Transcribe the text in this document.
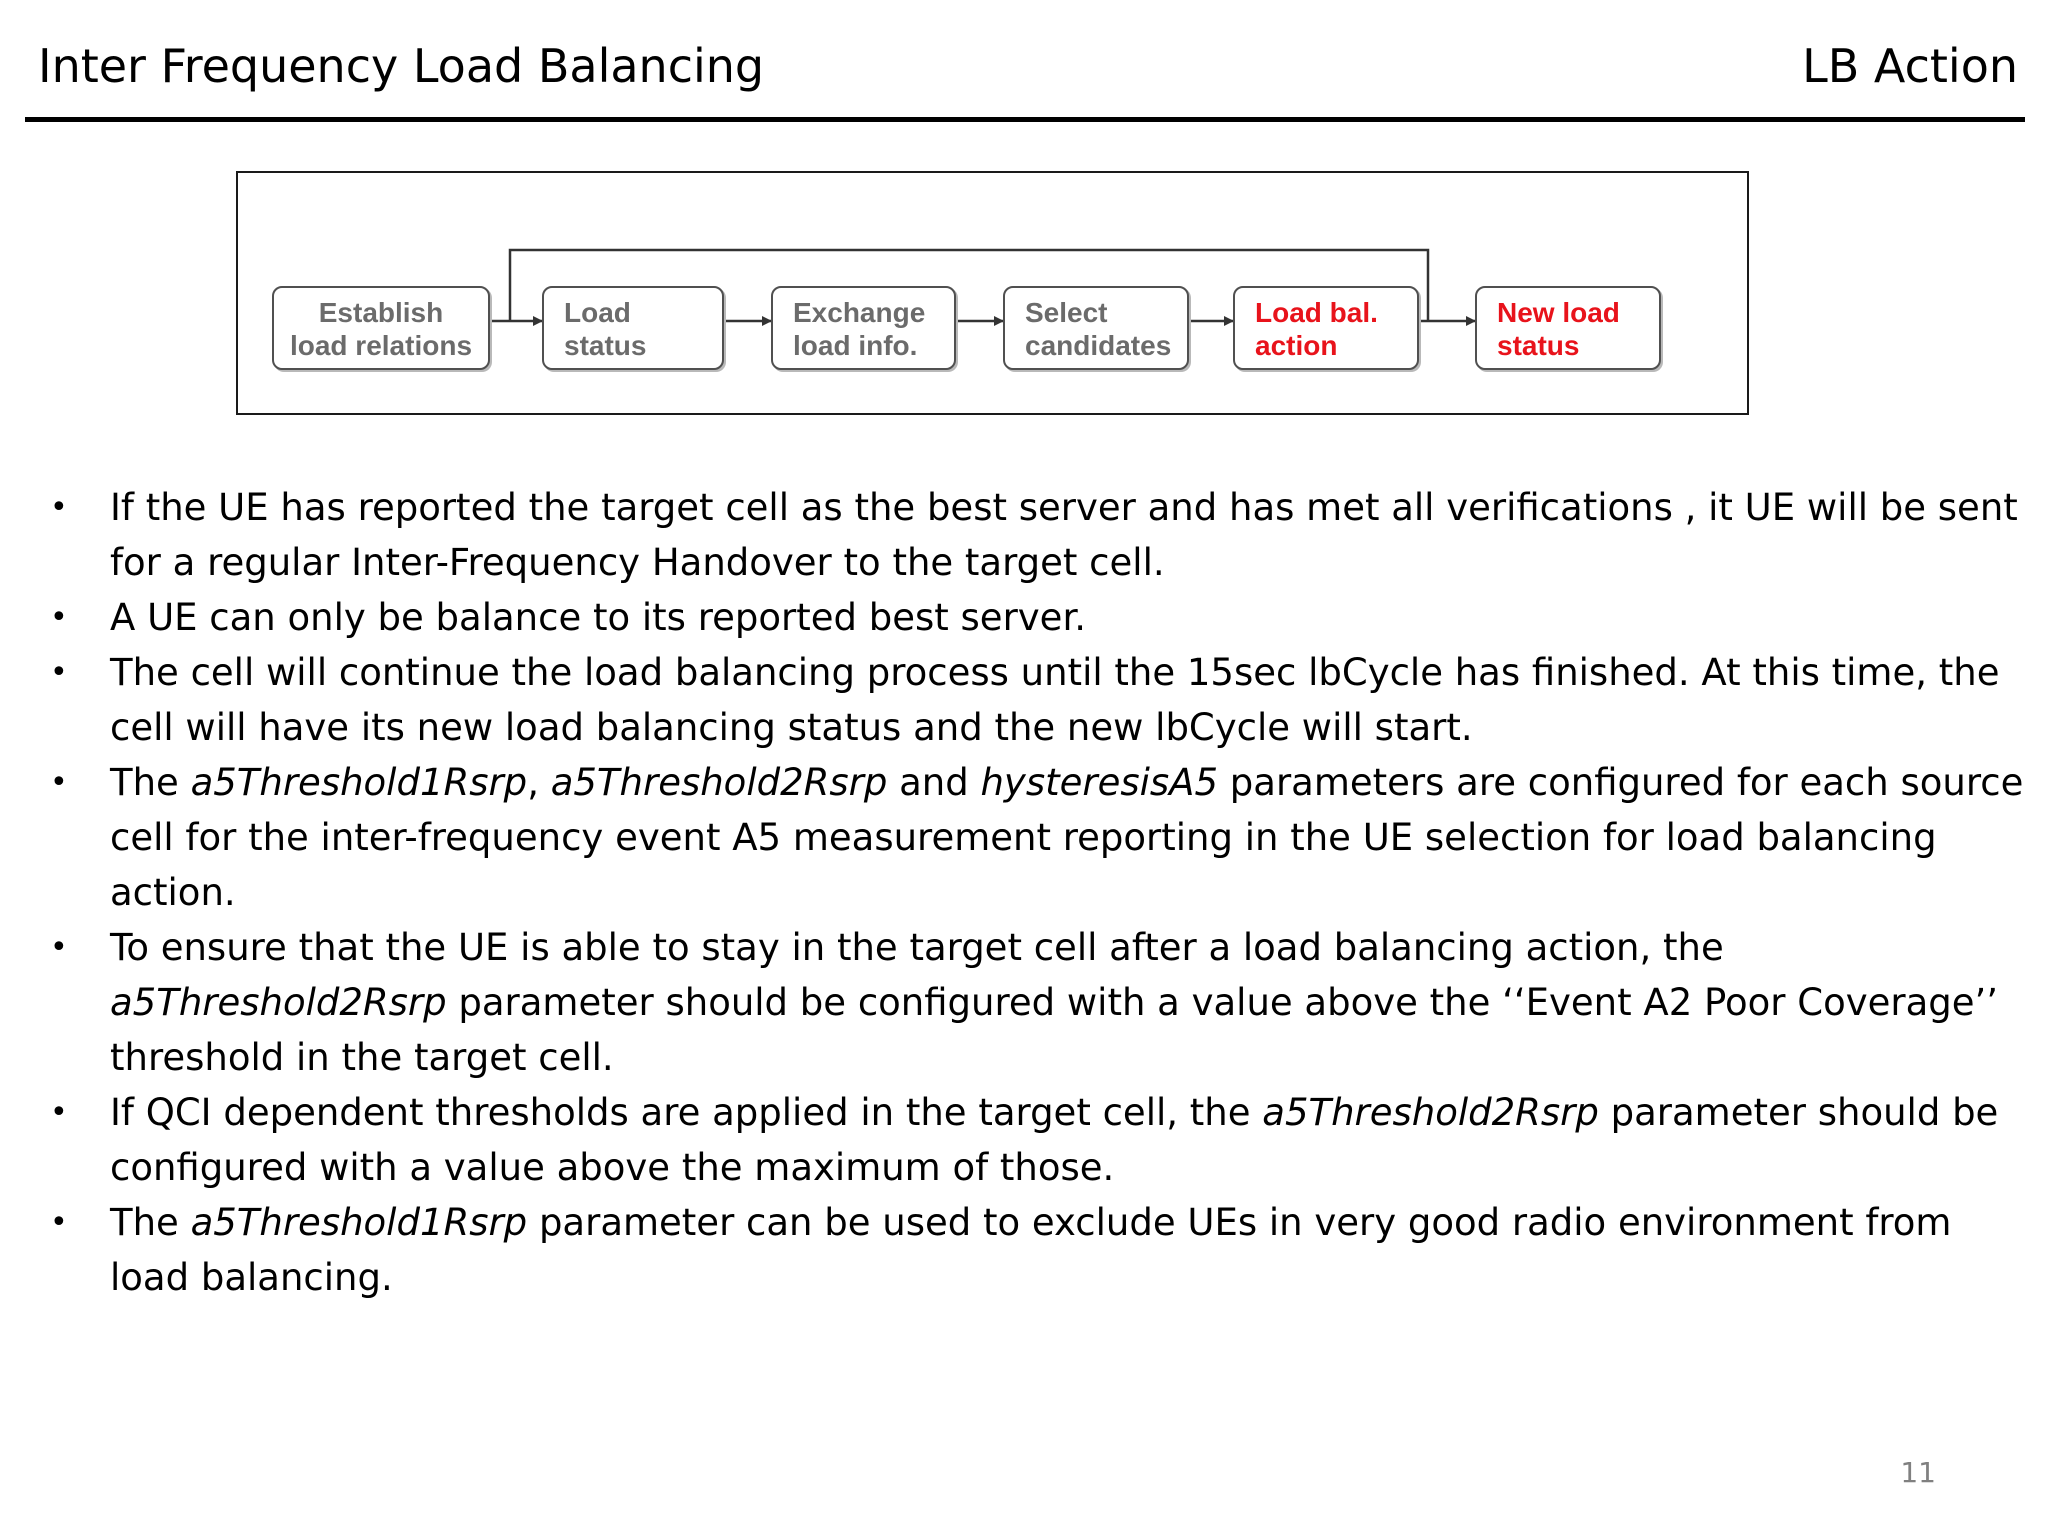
Inter Frequency Load Balancing	LB Action
Establish
load relations
Load
status
Exchange
load info.
Select
candidates
Load bal.
action
New load
status
•	If the UE has reported the target cell as the best server and has met all verifications , it UE will be sent for a regular Inter-Frequency Handover to the target cell.
•	A UE can only be balance to its reported best server.
•	The cell will continue the load balancing process until the 15sec lbCycle has finished. At this time, the cell will have its new load balancing status and the new lbCycle will start.
•	The a5Threshold1Rsrp, a5Threshold2Rsrp and hysteresisA5 parameters are configured for each source cell for the inter-frequency event A5 measurement reporting in the UE selection for load balancing action.
•	To ensure that the UE is able to stay in the target cell after a load balancing action, the a5Threshold2Rsrp parameter should be configured with a value above the ‘‘Event A2 Poor Coverage’’ threshold in the target cell.
•	If QCI dependent thresholds are applied in the target cell, the a5Threshold2Rsrp parameter should be configured with a value above the maximum of those.
•	The a5Threshold1Rsrp parameter can be used to exclude UEs in very good radio environment from load balancing.
11
